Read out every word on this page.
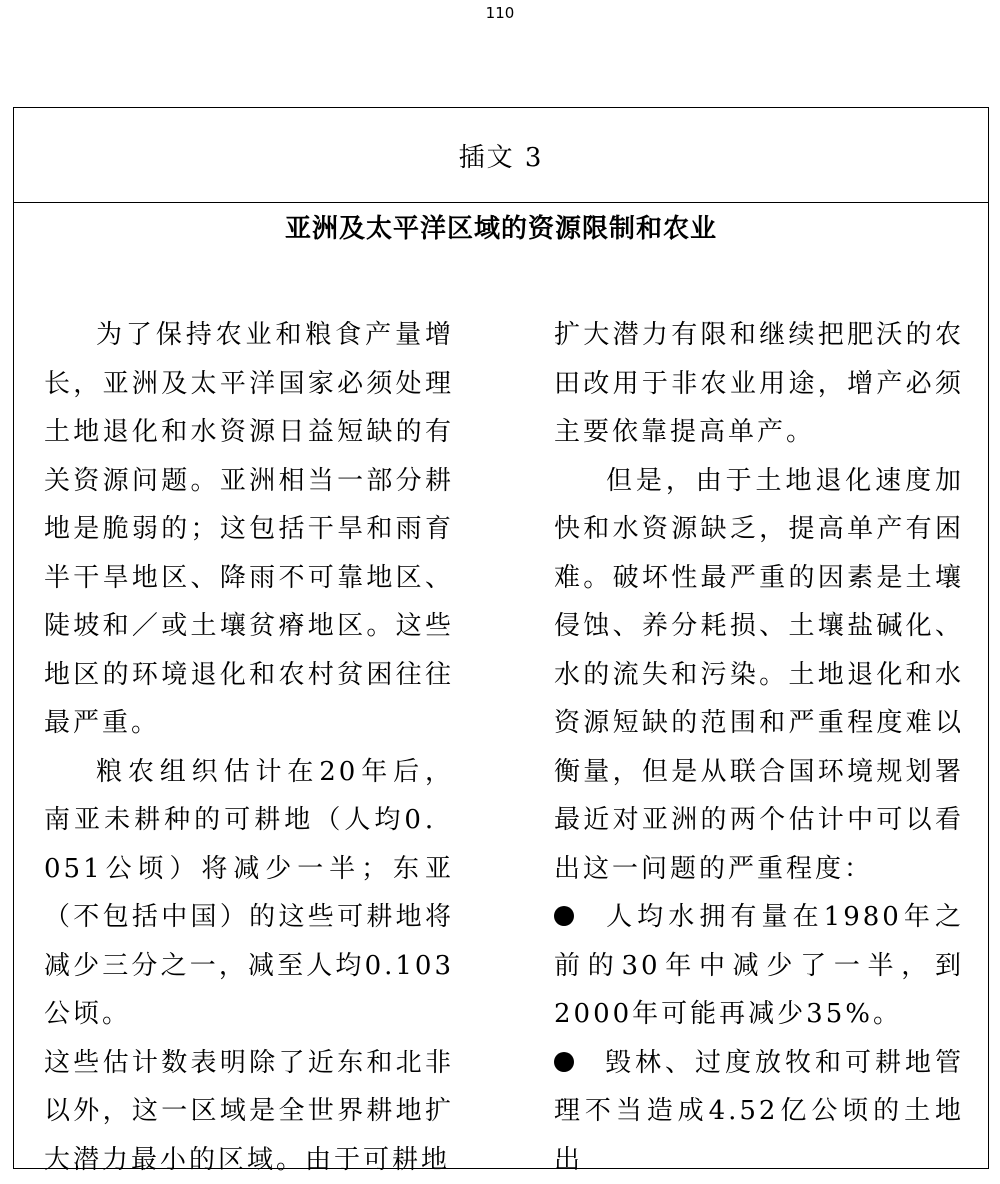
110
插文 3
亚洲及太平洋区域的资源限制和农业

为了保持农业和粮食产量增长，亚洲及太平洋国家必须处理土地退化和水资源日益短缺的有关资源问题。亚洲相当一部分耕地是脆弱的；这包括干旱和雨育半干旱地区、降雨不可靠地区、陡坡和／或土壤贫瘠地区。这些地区的环境退化和农村贫困往往最严重。

粮农组织估计在20年后，南亚未耕种的可耕地（人均0．051公顷）将减少一半；东亚（不包括中国）的这些可耕地将减少三分之一，减至人均0.103公顷。

这些估计数表明除了近东和北非以外，这一区域是全世界耕地扩大潜力最小的区域。由于可耕地

扩大潜力有限和继续把肥沃的农田改用于非农业用途，增产必须主要依靠提高单产。

但是，由于土地退化速度加快和水资源缺乏，提高单产有困难。破坏性最严重的因素是土壤侵蚀、养分耗损、土壤盐碱化、水的流失和污染。土地退化和水资源短缺的范围和严重程度难以衡量，但是从联合国环境规划署最近对亚洲的两个估计中可以看出这一问题的严重程度：

人均水拥有量在1980年之前的30年中减少了一半，到2000年可能再减少35%。

毁林、过度放牧和可耕地管理不当造成4.52亿公顷的土地出
